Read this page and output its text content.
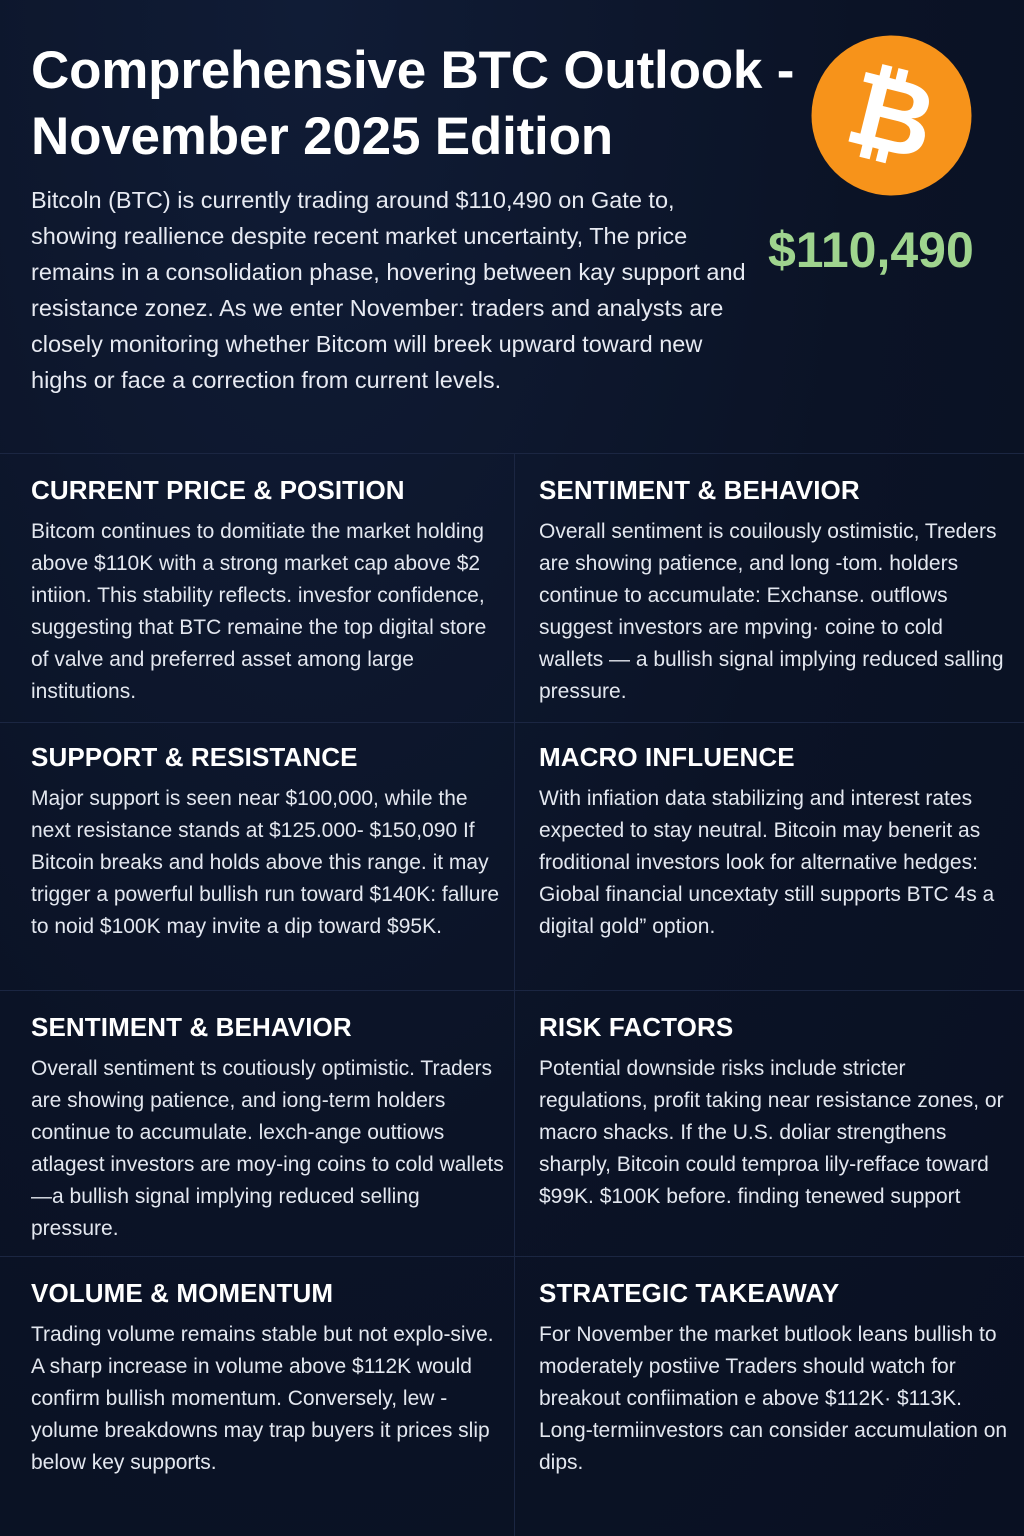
Comprehensive BTC Outlook -
November 2025 Edition

Bitcoln (BTC) is currently trading around $110,490 on Gate to, showing reallience despite recent market uncertainty, The price remains in a consolidation phase, hovering between kay support and resistance zonez. As we enter November: traders and analysts are closely monitoring whether Bitcom will breek upward toward new highs or face a correction from current levels.

₿
$110,490
CURRENT PRICE & POSITION

Bitcom continues to domitiate the market holding above $110K with a strong market cap above $2 intiion. This stability reflects. invesfor confidence, suggesting that BTC remaine the top digital store of valve and preferred asset among large institutions.

SENTIMENT & BEHAVIOR

Overall sentiment is couilously ostimistic, Treders are showing patience, and long -tom. holders continue to accumulate: Exchanse. outflows suggest investors are mpving· coine to cold wallets — a bullish signal implying reduced salling pressure.

SUPPORT & RESISTANCE

Major support is seen near $100,000, while the next resistance stands at $125.000- $150,090 If Bitcoin breaks and holds above this range. it may trigger a powerful bullish run toward $140K: fallure to noid $100K may invite a dip toward $95K.

MACRO INFLUENCE

With infiation data stabilizing and interest rates expected to stay neutral. Bitcoin may benerit as froditional investors look for alternative hedges: Giobal financial uncextaty still supports BTC 4s a digital gold” option.

SENTIMENT & BEHAVIOR

Overall sentiment ts coutiously optimistic. Traders are showing patience, and iong-term holders continue to accumulate. lexch-ange outtiows atlagest investors are moy-ing coins to cold wallets —a bullish signal implying reduced selling pressure.

RISK FACTORS

Potential downside risks include stricter regulations, profit taking near resistance zones, or macro shacks. If the U.S. doliar strengthens sharply, Bitcoin could temproa lily-refface toward $99K. $100K before. finding tenewed support

VOLUME & MOMENTUM

Trading volume remains stable but not explo-sive. A sharp increase in volume above $112K would confirm bullish momentum. Conversely, lew -yolume breakdowns may trap buyers it prices slip below key supports.

STRATEGIC TAKEAWAY

For November the market butlook leans bullish to moderately postiive Traders should watch for breakout confiimation e above $112K· $113K. Long-termiinvestors can consider accumulation on dips.
